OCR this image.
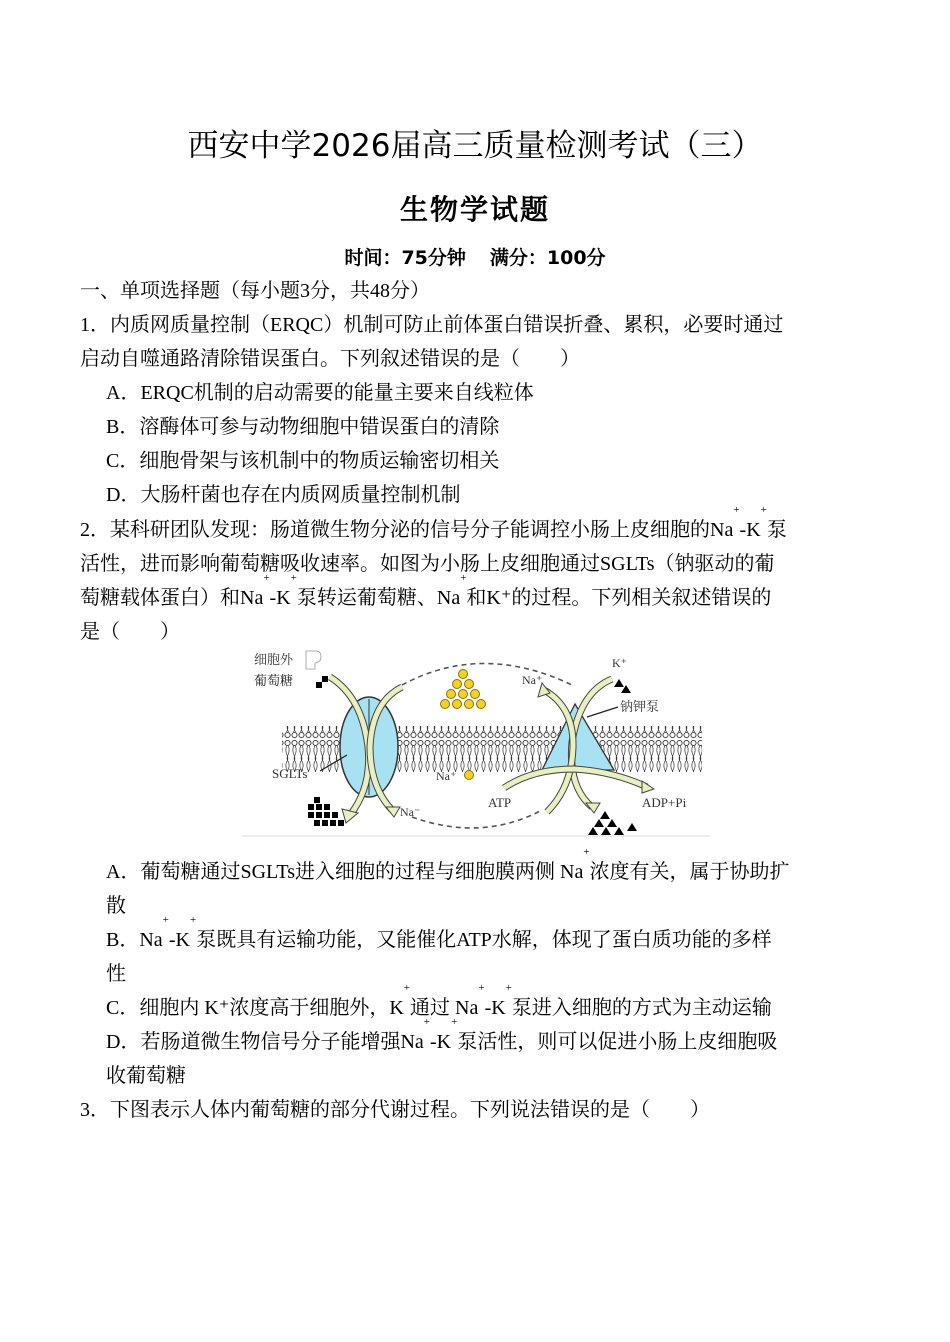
西安中学2026届高三质量检测考试（三）
生物学试题
时间：75分钟 满分：100分
一、单项选择题（每小题3分，共48分）
1．内质网质量控制（ERQC）机制可防止前体蛋白错误折叠、累积，必要时通过
启动自噬通路清除错误蛋白。下列叙述错误的是（　　）
A．ERQC机制的启动需要的能量主要来自线粒体
B．溶酶体可参与动物细胞中错误蛋白的清除
C．细胞骨架与该机制中的物质运输密切相关
D．大肠杆菌也存在内质网质量控制机制
2．某科研团队发现：肠道微生物分泌的信号分子能调控小肠上皮细胞的Na+-K+泵
活性，进而影响葡萄糖吸收速率。如图为小肠上皮细胞通过SGLTs（钠驱动的葡
萄糖载体蛋白）和Na+-K+泵转运葡萄糖、Na+和K⁺的过程。下列相关叙述错误的
是（　　）
细胞外
葡萄糖
SGLTs
Na⁻
Na⁺
Na⁺
K⁺
钠钾泵
ATP	ADP+Pi
A．葡萄糖通过SGLTs进入细胞的过程与细胞膜两侧 Na+浓度有关，属于协助扩
散
B．Na+-K+泵既具有运输功能，又能催化ATP水解，体现了蛋白质功能的多样
性
C．细胞内 K⁺浓度高于细胞外，K+通过 Na+-K+泵进入细胞的方式为主动运输
D．若肠道微生物信号分子能增强Na+-K+泵活性，则可以促进小肠上皮细胞吸
收葡萄糖
3．下图表示人体内葡萄糖的部分代谢过程。下列说法错误的是（　　）
